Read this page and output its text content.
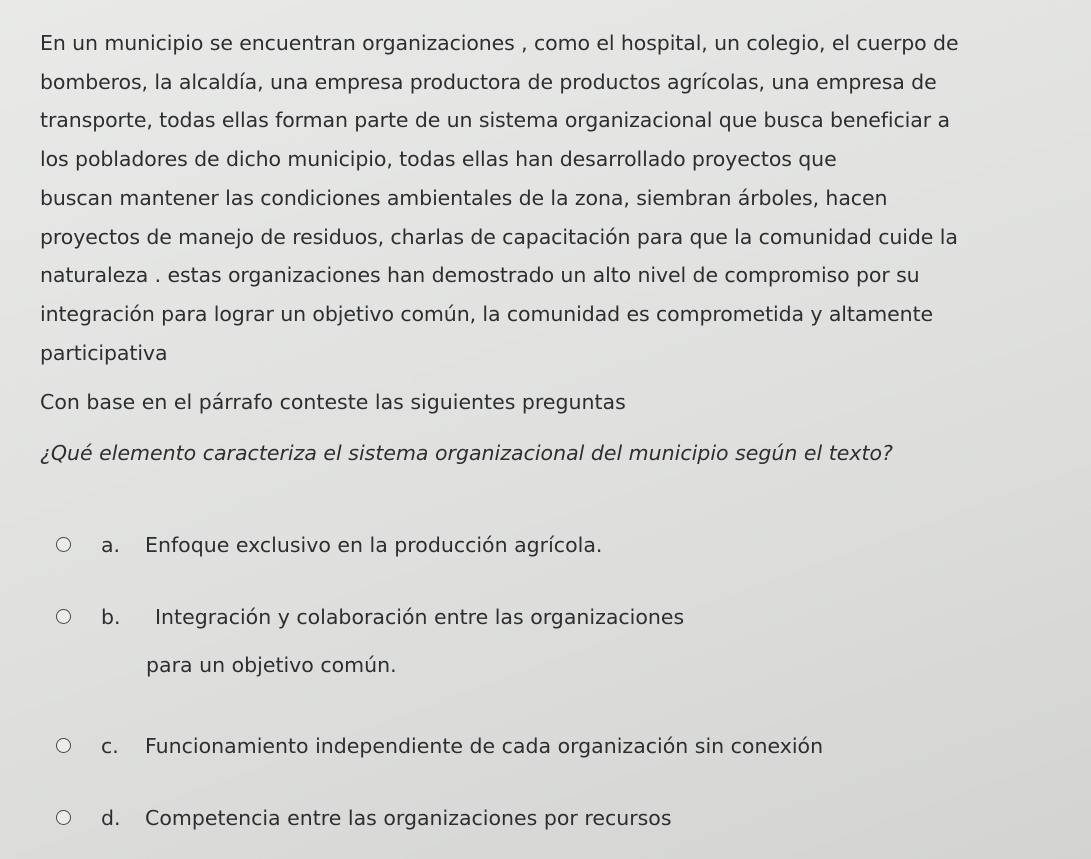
En un municipio se encuentran organizaciones , como el hospital, un colegio, el cuerpo de
bomberos, la alcaldía, una empresa productora de productos agrícolas, una empresa de
transporte, todas ellas forman parte de un sistema organizacional que busca beneficiar a
los pobladores de dicho municipio, todas ellas han desarrollado proyectos que
buscan mantener las condiciones ambientales de la zona, siembran árboles, hacen
proyectos de manejo de residuos, charlas de capacitación para que la comunidad cuide la
naturaleza . estas organizaciones han demostrado un alto nivel de compromiso por su
integración para lograr un objetivo común, la comunidad es comprometida y altamente
participativa
Con base en el párrafo conteste las siguientes preguntas
¿Qué elemento caracteriza el sistema organizacional del municipio según el texto?
a. Enfoque exclusivo en la producción agrícola.
b. Integración y colaboración entre las organizaciones
para un objetivo común.
c. Funcionamiento independiente de cada organización sin conexión
d. Competencia entre las organizaciones por recursos
